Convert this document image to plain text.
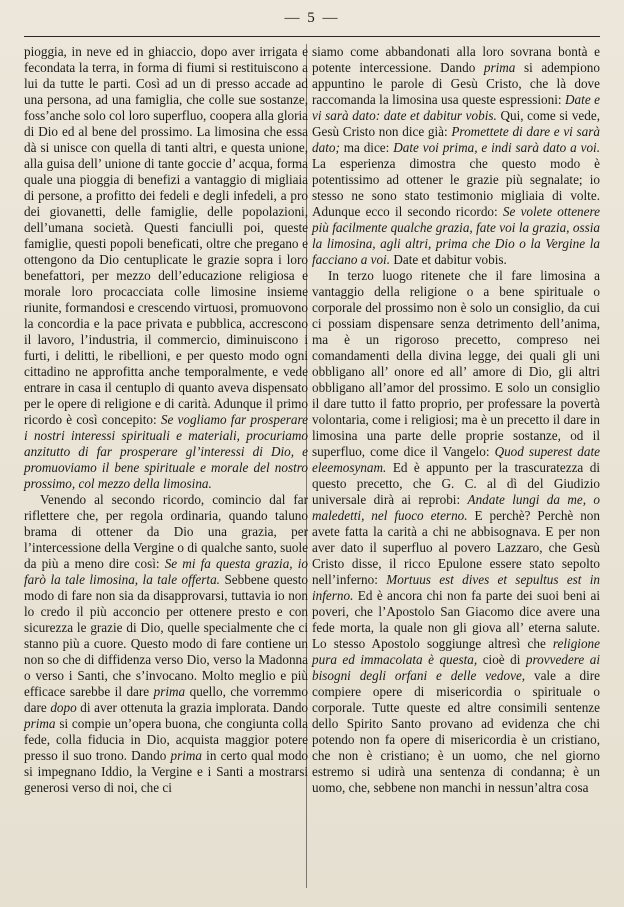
— 5 —

pioggia, in neve ed in ghiaccio, dopo aver irrigata e fecondata la terra, in forma di fiumi si restituiscono a lui da tutte le parti. Così ad un di presso accade ad una persona, ad una famiglia, che colle sue sostanze, fossʼanche solo col loro superfluo, coopera alla gloria di Dio ed al bene del prossimo. La limosina che essa dà si unisce con quella di tanti altri, e questa unione, alla guisa dell’ unione di tante goccie d’ acqua, forma quale una pioggia di benefizi a vantaggio di migliaia di persone, a profitto dei fedeli e degli infedeli, a pro dei giovanetti, delle famiglie, delle popolazioni, dell’umana società. Questi fanciulli poi, queste famiglie, questi popoli beneficati, oltre che pregano e ottengono da Dio centuplicate le grazie sopra i loro benefattori, per mezzo dell’educazione religiosa e morale loro procacciata colle limosine insieme riunite, formandosi e crescendo virtuosi, promuovono la concordia e la pace privata e pubblica, accrescono il lavoro, l’industria, il commercio, diminuiscono i furti, i delitti, le ribellioni, e per questo modo ogni cittadino ne approfitta anche temporalmente, e vede entrare in casa il centuplo di quanto aveva dispensato per le opere di religione e di carità. Adunque il primo ricordo è così concepito: Se vogliamo far prosperare i nostri interessi spirituali e materiali, procuriamo anzitutto di far prosperare gl’interessi di Dio, e promuoviamo il bene spirituale e morale del nostro prossimo, col mezzo della limosina.

Venendo al secondo ricordo, comincio dal far riflettere che, per regola ordinaria, quando taluno brama di ottener da Dio una grazia, per l’intercessione della Vergine o di qualche santo, suole da più a meno dire così: Se mi fa questa grazia, io farò la tale limosina, la tale offerta. Sebbene questo modo di fare non sia da disapprovarsi, tuttavia io non lo credo il più acconcio per ottenere presto e con sicurezza le grazie di Dio, quelle specialmente che ci stanno più a cuore. Questo modo di fare contiene un non so che di diffidenza verso Dio, verso la Madonna o verso i Santi, che s’invocano. Molto meglio e più efficace sarebbe il dare prima quello, che vorremmo dare dopo di aver ottenuta la grazia implorata. Dando prima si compie un’opera buona, che congiunta colla fede, colla fiducia in Dio, acquista maggior potere presso il suo trono. Dando prima in certo qual modo si impegnano Iddio, la Vergine e i Santi a mostrarsi generosi verso di noi, che ci

siamo come abbandonati alla loro sovrana bontà e potente intercessione. Dando prima si adempiono appuntino le parole di Gesù Cristo, che là dove raccomanda la limosina usa queste espressioni: Date e vi sarà dato: date et dabitur vobis. Qui, come si vede, Gesù Cristo non dice già: Promettete di dare e vi sarà dato; ma dice: Date voi prima, e indi sarà dato a voi. La esperienza dimostra che questo modo è potentissimo ad ottener le grazie più segnalate; io stesso ne sono stato testimonio migliaia di volte. Adunque ecco il secondo ricordo: Se volete ottenere più facilmente qualche grazia, fate voi la grazia, ossia la limosina, agli altri, prima che Dio o la Vergine la facciano a voi. Date et dabitur vobis.

In terzo luogo ritenete che il fare limosina a vantaggio della religione o a bene spirituale o corporale del prossimo non è solo un consiglio, da cui ci possiam dispensare senza detrimento dell’anima, ma è un rigoroso precetto, compreso nei comandamenti della divina legge, dei quali gli uni obbligano all’ onore ed all’ amore di Dio, gli altri obbligano all’amor del prossimo. E solo un consiglio il dare tutto il fatto proprio, per professare la povertà volontaria, come i religiosi; ma è un precetto il dare in limosina una parte delle proprie sostanze, od il superfluo, come dice il Vangelo: Quod superest date eleemosynam. Ed è appunto per la trascuratezza di questo precetto, che G. C. al dì del Giudizio universale dirà ai reprobi: Andate lungi da me, o maledetti, nel fuoco eterno. E perchè? Perchè non avete fatta la carità a chi ne abbisognava. E per non aver dato il superfluo al povero Lazzaro, che Gesù Cristo disse, il ricco Epulone essere stato sepolto nell’inferno: Mortuus est dives et sepultus est in inferno. Ed è ancora chi non fa parte dei suoi beni ai poveri, che l’Apostolo San Giacomo dice avere una fede morta, la quale non gli giova all’ eterna salute. Lo stesso Apostolo soggiunge altresì che religione pura ed immacolata è questa, cioè di provvedere ai bisogni degli orfani e delle vedove, vale a dire compiere opere di misericordia o spirituale o corporale. Tutte queste ed altre consimili sentenze dello Spirito Santo provano ad evidenza che chi potendo non fa opere di misericordia è un cristiano, che non è cristiano; è un uomo, che nel giorno estremo si udirà una sentenza di condanna; è un uomo, che, sebbene non manchi in nessun’altra cosa
